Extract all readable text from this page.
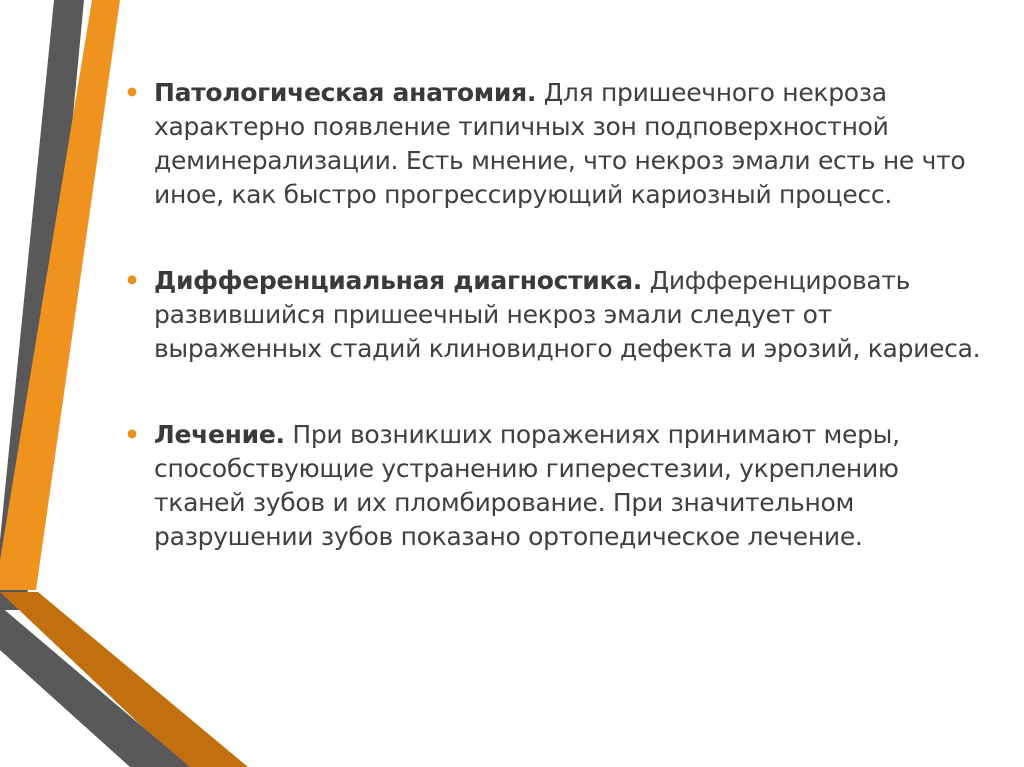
• Патологическая анатомия. Для пришеечного некроза характерно появление типичных зон подповерхностной деминерализации. Есть мнение, что некроз эмали есть не что иное, как быстро прогрессирующий кариозный процесс.
• Дифференциальная диагностика. Дифференцировать развившийся пришеечный некроз эмали следует от выраженных стадий клиновидного дефекта и эрозий, кариеса.
• Лечение. При возникших поражениях принимают меры, способствующие устранению гиперестезии, укреплению тканей зубов и их пломбирование. При значительном разрушении зубов показано ортопедическое лечение.
